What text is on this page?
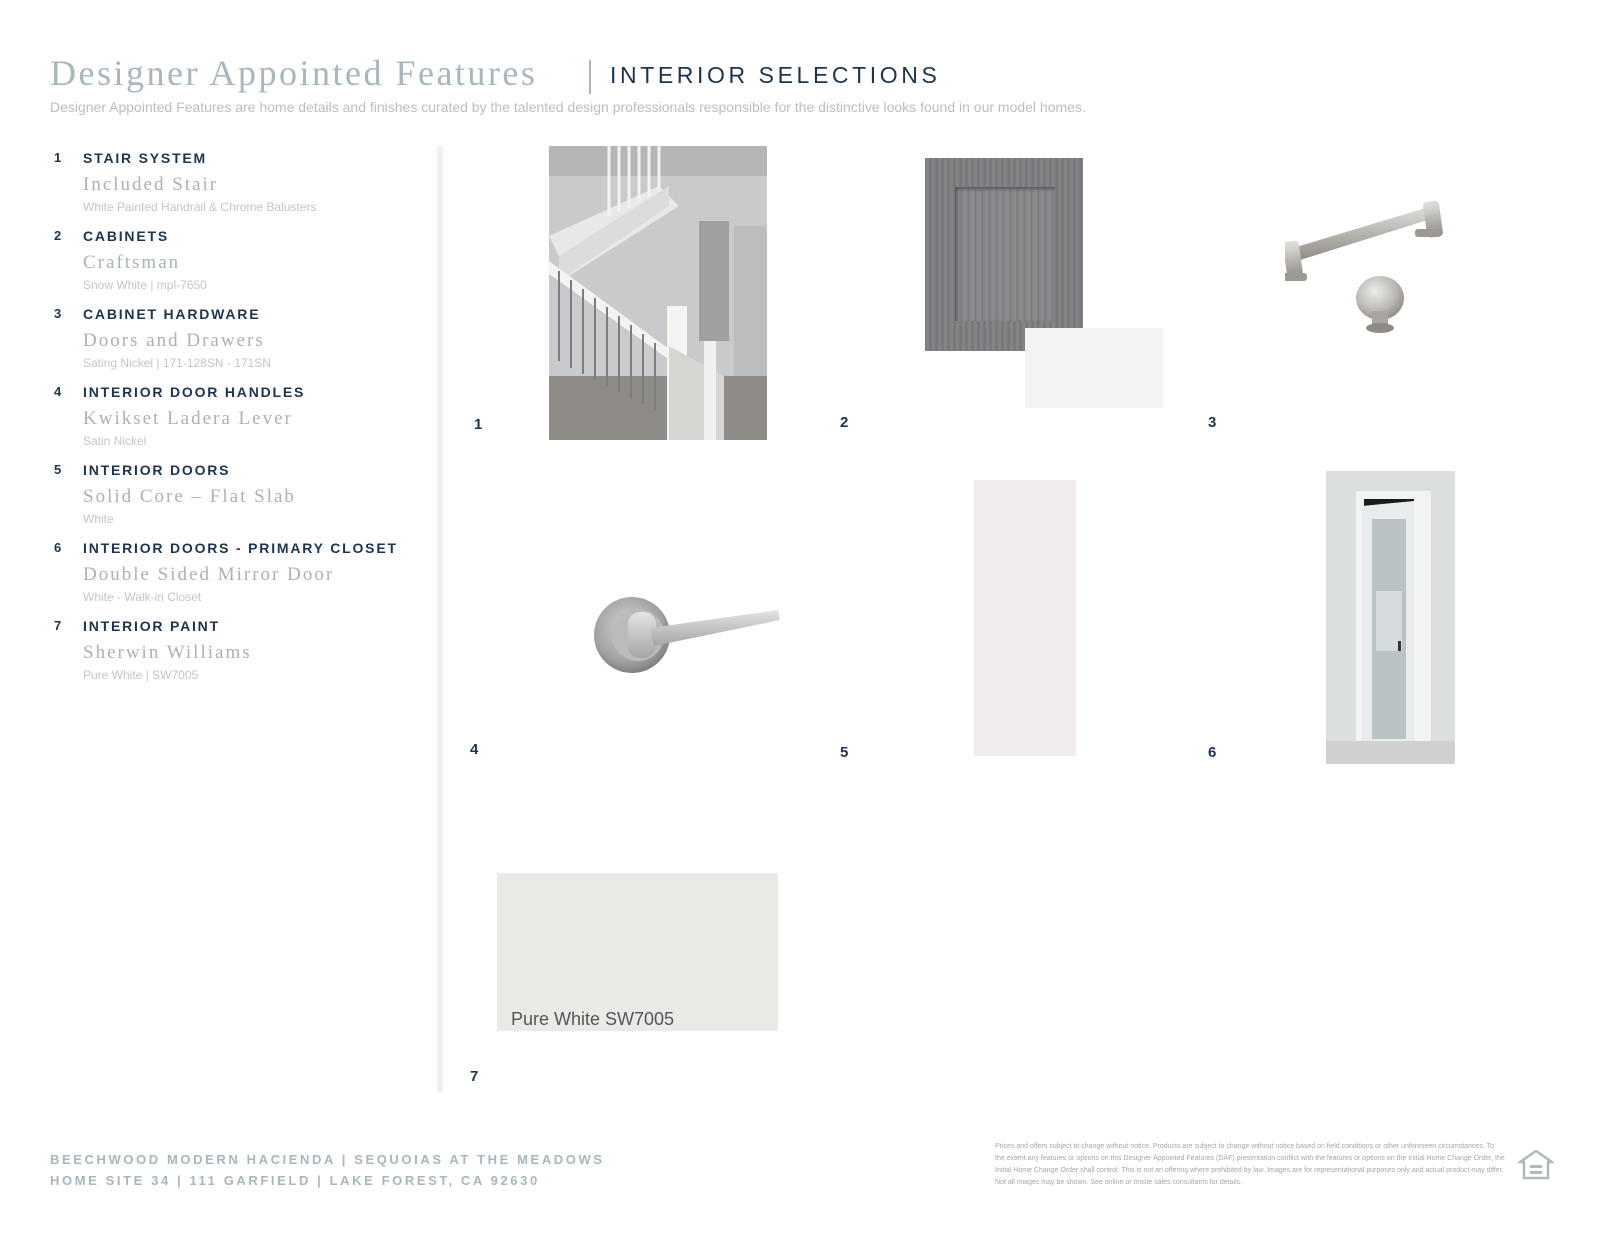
Designer Appointed Features	INTERIOR SELECTIONS
Designer Appointed Features are home details and finishes curated by the talented design professionals responsible for the distinctive looks found in our model homes.
1 STAIR SYSTEM
Included Stair
White Painted Handrail & Chrome Balusters
2 CABINETS
Craftsman
Snow White | mpl-7650
3 CABINET HARDWARE
Doors and Drawers
Sating Nickel | 171-128SN - 171SN
4 INTERIOR DOOR HANDLES
Kwikset Ladera Lever
Satin Nickel
5 INTERIOR DOORS
Solid Core – Flat Slab
White
6 INTERIOR DOORS - PRIMARY CLOSET
Double Sided Mirror Door
White - Walk-in Closet
7 INTERIOR PAINT
Sherwin Williams
Pure White | SW7005
1	2	3
4	5	6
7
Pure White SW7005
BEECHWOOD MODERN HACIENDA | SEQUOIAS AT THE MEADOWS
HOME SITE 34 | 111 GARFIELD | LAKE FOREST, CA 92630
Prices and offers subject to change without notice. Products are subject to change without notice based on field conditions or other unforeseen circumstances. To the extent any features or options on this Designer Appointed Features (DAF) presentation conflict with the features or options on the Initial Home Change Order, the Initial Home Change Order shall control. This is not an offering where prohibited by law. Images are for representational purposes only and actual product may differ. Not all images may be shown. See online or onsite sales consultants for details.
